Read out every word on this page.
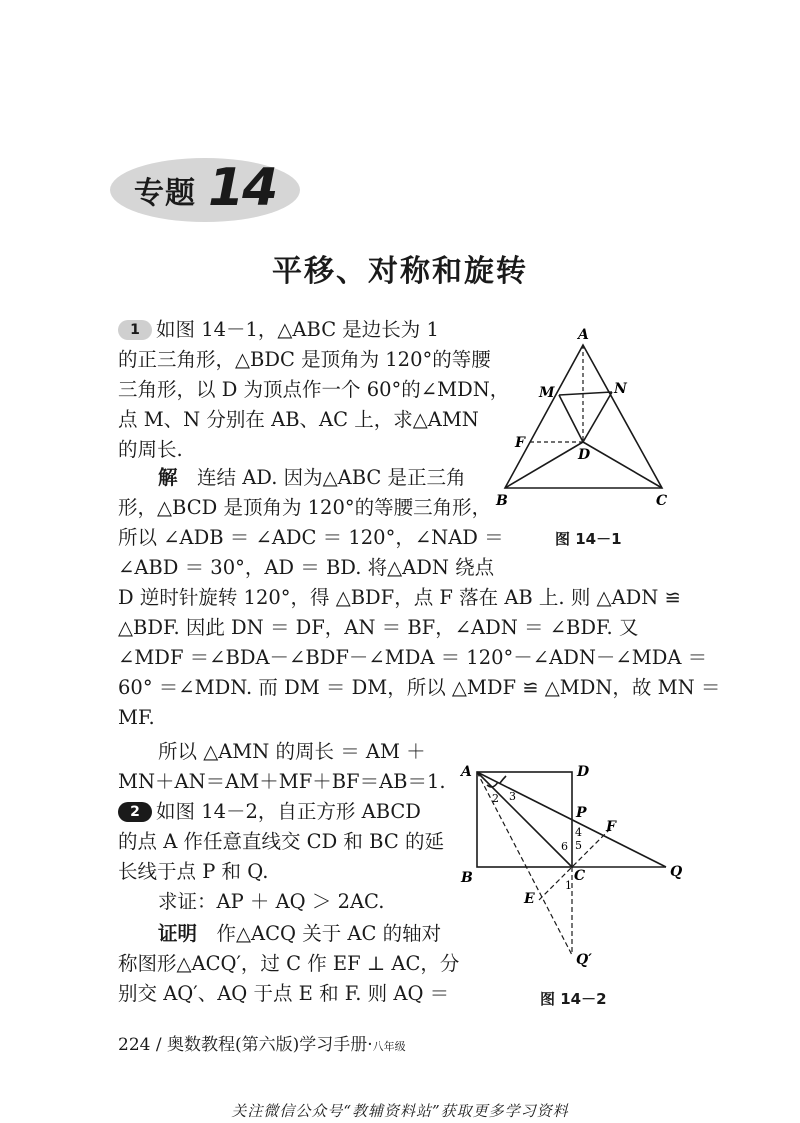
专题 14
平移、对称和旋转
1 如图 14－1，△ABC 是边长为 1
的正三角形，△BDC 是顶角为 120°的等腰
三角形，以 D 为顶点作一个 60°的∠MDN，
点 M、N 分别在 AB、AC 上，求△AMN
的周长.
解　 连结 AD. 因为△ABC 是正三角
形，△BCD 是顶角为 120°的等腰三角形，
所以 ∠ADB ＝ ∠ADC ＝ 120°，∠NAD ＝
∠ABD ＝ 30°，AD ＝ BD. 将△ADN 绕点
D 逆时针旋转 120°，得 △BDF，点 F 落在 AB 上. 则 △ADN ≌
△BDF. 因此 DN ＝ DF，AN ＝ BF，∠ADN ＝ ∠BDF. 又
∠MDF ＝∠BDA－∠BDF－∠MDA ＝ 120°－∠ADN－∠MDA ＝
60° ＝∠MDN. 而 DM ＝ DM，所以 △MDF ≌ △MDN，故 MN ＝
MF.
所以 △AMN 的周长 ＝ AM ＋
MN＋AN＝AM＋MF＋BF＝AB＝1.
2 如图 14－2，自正方形 ABCD
的点 A 作任意直线交 CD 和 BC 的延
长线于点 P 和 Q.
求证：AP ＋ AQ ＞ 2AC.
证明　 作△ACQ 关于 AC 的轴对
称图形△ACQ′，过 C 作 EF ⊥ AC，分
别交 AQ′、AQ 于点 E 和 F. 则 AQ ＝
A
B	C
D
M	N
F
图 14－1
A	D
B	C
P
Q
F
E
Q′
1
2 3
4
5
6
图 14－2
224 / 奥数教程(第六版)学习手册·八年级
关注微信公众号“教辅资料站”获取更多学习资料
